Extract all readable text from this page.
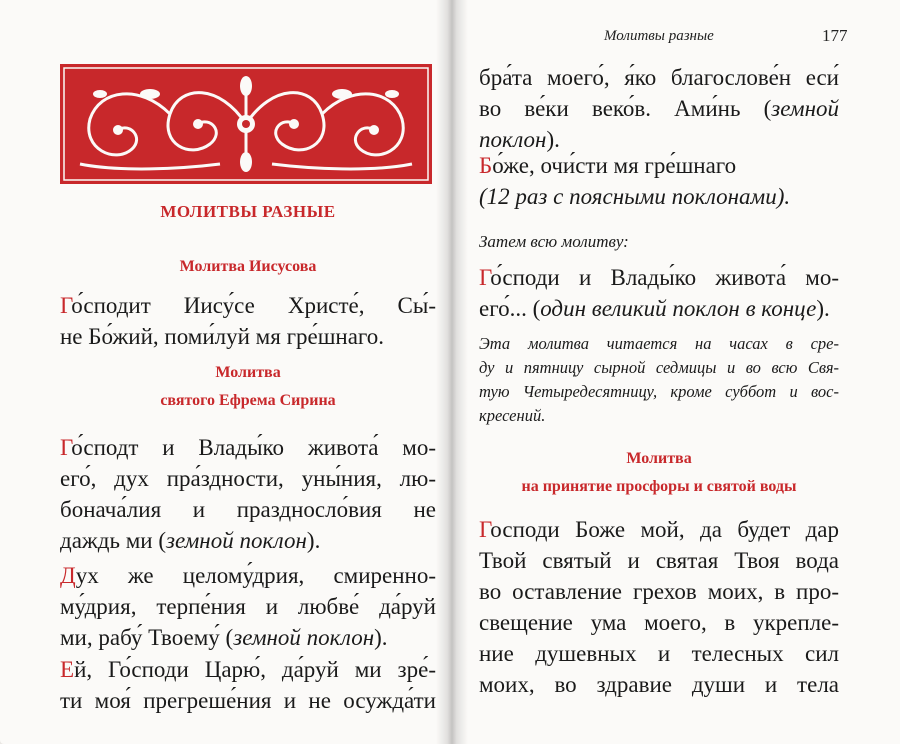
МОЛИТВЫ РАЗНЫЕ
Молитва Иисусова
Го́сподит Иису́се Христе́, Сы́-
не Бо́жий, поми́луй мя гре́шнаго.
Молитва
святого Ефрема Сирина
Го́сподт и Влады́ко живота́ мо-
его́, дух пра́здности, уны́ния, лю-
бонача́лия и празднoсло́вия не
даждь ми (земной поклон).
Дух же целому́дрия, смиренно-
му́дрия, терпе́ния и любве́ да́руй
ми, рабу́ Твоему́ (земной поклон).
Ей, Го́споди Царю́, да́руй ми зре́-
ти моя́ прегреше́ния и не осужда́ти
Молитвы разные	177
бра́та моего́, я́ко благослове́н еси́
во ве́ки веко́в. Ами́нь (земной
поклон).
Бо́же, очи́сти мя гре́шнаго
(12 раз с поясными поклонами).
Затем всю молитву:
Го́споди и Влады́ко живота́ мо-
его́... (один великий поклон в конце).
Эта молитва читается на часах в сре-
ду и пятницу сырной седмицы и во всю Свя-
тую Четыредесятницу, кроме суббот и вос-
кресений.
Молитва
на принятие просфоры и святой воды
Господи Боже мой, да будет дар
Твой святый и святая Твоя вода
во оставление грехов моих, в про-
свещение ума моего, в укрепле-
ние душевных и телесных сил
моих, во здравие души и тела
